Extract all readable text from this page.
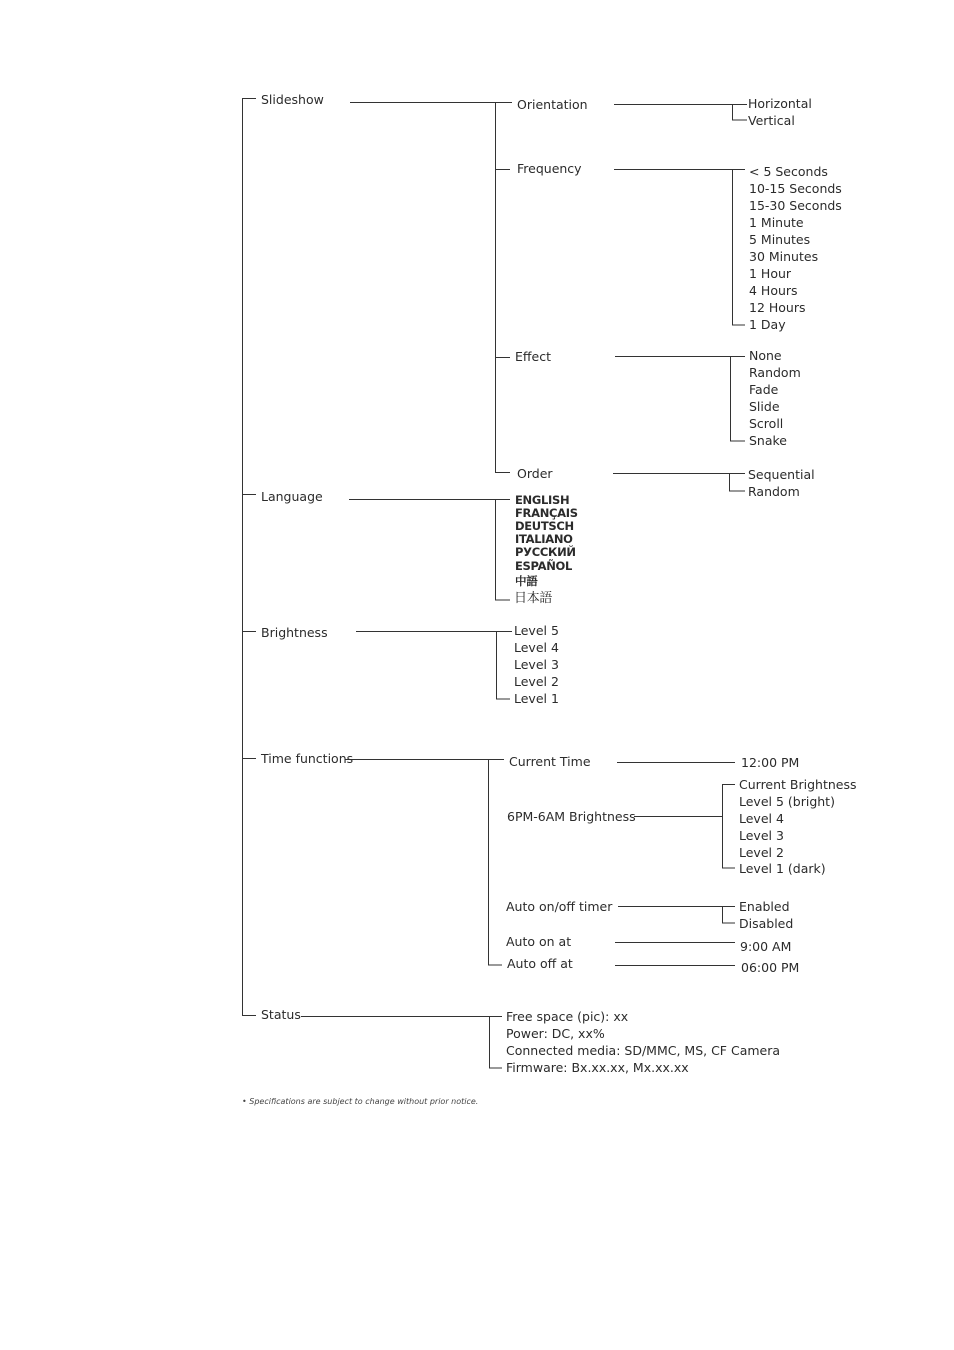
Slideshow
Language
Brightness
Time functions
Status
Orientation
Frequency
Effect
Order
Horizontal
Vertical
< 5 Seconds
10-15 Seconds
15-30 Seconds
1 Minute
5 Minutes
30 Minutes
1 Hour
4 Hours
12 Hours
1 Day
None
Random
Fade
Slide
Scroll
Snake
Sequential
Random
ENGLISH
FRANÇAIS
DEUTSCH
ITALIANO
РУССКИЙ
ESPAÑOL
中語
日本語
Level 5
Level 4
Level 3
Level 2
Level 1
Current Time	12:00 PM
6PM-6AM Brightness
Current Brightness
Level 5 (bright)
Level 4
Level 3
Level 2
Level 1 (dark)
Auto on/off timer	Enabled
Disabled
Auto on at	9:00 AM
Auto off at	06:00 PM
Free space (pic): xx
Power: DC, xx%
Connected media: SD/MMC, MS, CF Camera
Firmware: Bx.xx.xx, Mx.xx.xx
• Specifications are subject to change without prior notice.
